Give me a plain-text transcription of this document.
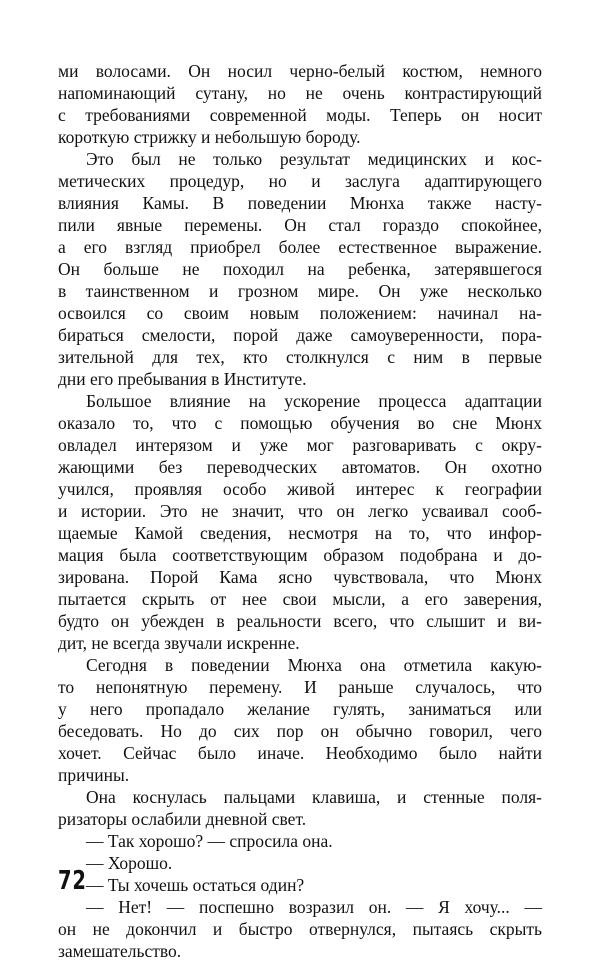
ми волосами. Он носил черно-белый костюм, немного
напоминающий сутану, но не очень контрастирующий
с требованиями современной моды. Теперь он носит
короткую стрижку и небольшую бороду.
Это был не только результат медицинских и кос-
метических процедур, но и заслуга адаптирующего
влияния Камы. В поведении Мюнха также насту-
пили явные перемены. Он стал гораздо спокойнее,
а его взгляд приобрел более естественное выражение.
Он больше не походил на ребенка, затерявшегося
в таинственном и грозном мире. Он уже несколько
освоился со своим новым положением: начинал на-
бираться смелости, порой даже самоуверенности, пора-
зительной для тех, кто столкнулся с ним в первые
дни его пребывания в Институте.
Большое влияние на ускорение процесса адаптации
оказало то, что с помощью обучения во сне Мюнх
овладел интерязом и уже мог разговаривать с окру-
жающими без переводческих автоматов. Он охотно
учился, проявляя особо живой интерес к географии
и истории. Это не значит, что он легко усваивал сооб-
щаемые Камой сведения, несмотря на то, что инфор-
мация была соответствующим образом подобрана и до-
зирована. Порой Кама ясно чувствовала, что Мюнх
пытается скрыть от нее свои мысли, а его заверения,
будто он убежден в реальности всего, что слышит и ви-
дит, не всегда звучали искренне.
Сегодня в поведении Мюнха она отметила какую-
то непонятную перемену. И раньше случалось, что
у него пропадало желание гулять, заниматься или
беседовать. Но до сих пор он обычно говорил, чего
хочет. Сейчас было иначе. Необходимо было найти
причины.
Она коснулась пальцами клавиша, и стенные поля-
ризаторы ослабили дневной свет.
— Так хорошо? — спросила она.
— Хорошо.
— Ты хочешь остаться один?
— Нет! — поспешно возразил он. — Я хочу... —
он не докончил и быстро отвернулся, пытаясь скрыть
замешательство.
72
